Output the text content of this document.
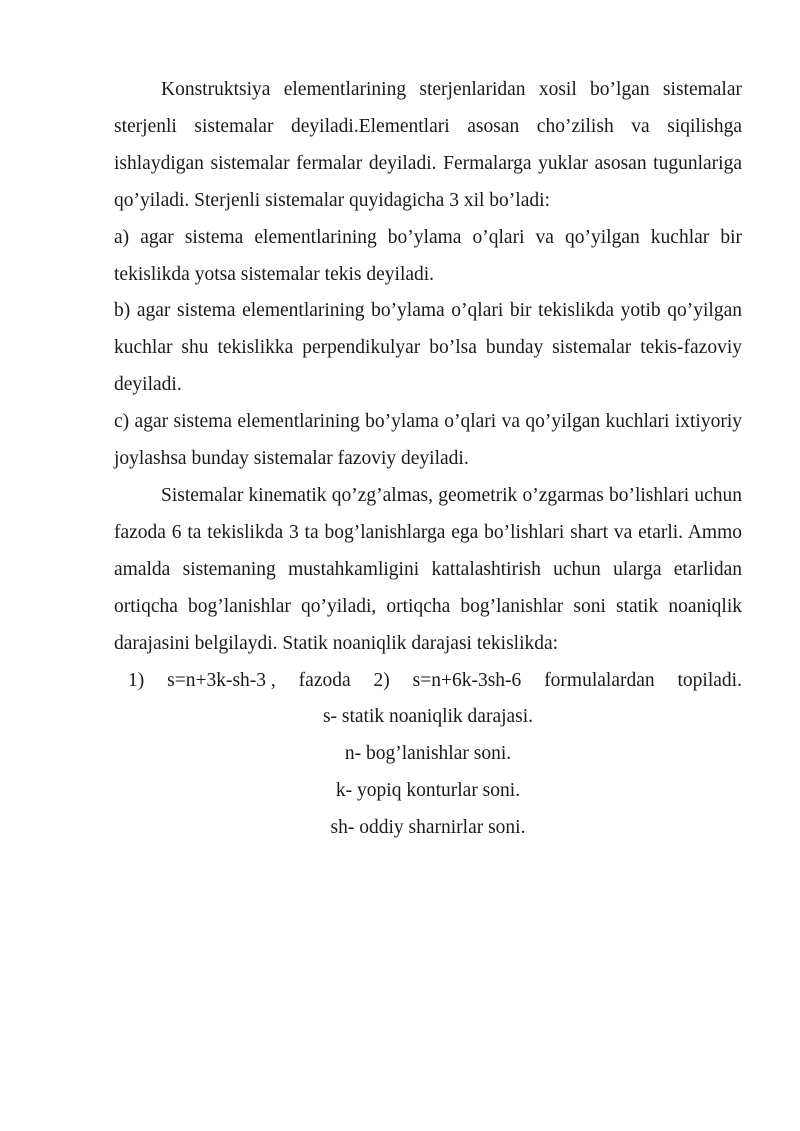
Konstruktsiya elementlarining sterjenlaridan xosil bo’lgan sistemalar sterjenli sistemalar deyiladi.Elementlari asosan cho’zilish va siqilishga ishlaydigan sistemalar fermalar deyiladi. Fermalarga yuklar asosan tugunlariga qo’yiladi. Sterjenli sistemalar quyidagicha 3 xil bo’ladi:

a) agar sistema elementlarining bo’ylama o’qlari va qo’yilgan kuchlar bir tekislikda yotsa sistemalar tekis deyiladi.

b) agar sistema elementlarining bo’ylama o’qlari bir tekislikda yotib qo’yilgan kuchlar shu tekislikka perpendikulyar bo’lsa bunday sistemalar tekis-fazoviy deyiladi.

c) agar sistema elementlarining bo’ylama o’qlari va qo’yilgan kuchlari ixtiyoriy joylashsa bunday sistemalar fazoviy deyiladi.

Sistemalar kinematik qo’zg’almas, geometrik o’zgarmas bo’lishlari uchun fazoda 6 ta tekislikda 3 ta bog’lanishlarga ega bo’lishlari shart va etarli. Ammo amalda sistemaning mustahkamligini kattalashtirish uchun ularga etarlidan ortiqcha bog’lanishlar qo’yiladi, ortiqcha bog’lanishlar soni statik noaniqlik darajasini belgilaydi. Statik noaniqlik darajasi tekislikda:

1) s=n+3k-sh-3 , fazoda 2) s=n+6k-3sh-6 formulalardan topiladi.

s- statik noaniqlik darajasi.

n- bog’lanishlar soni.

k- yopiq konturlar soni.

sh- oddiy sharnirlar soni.
